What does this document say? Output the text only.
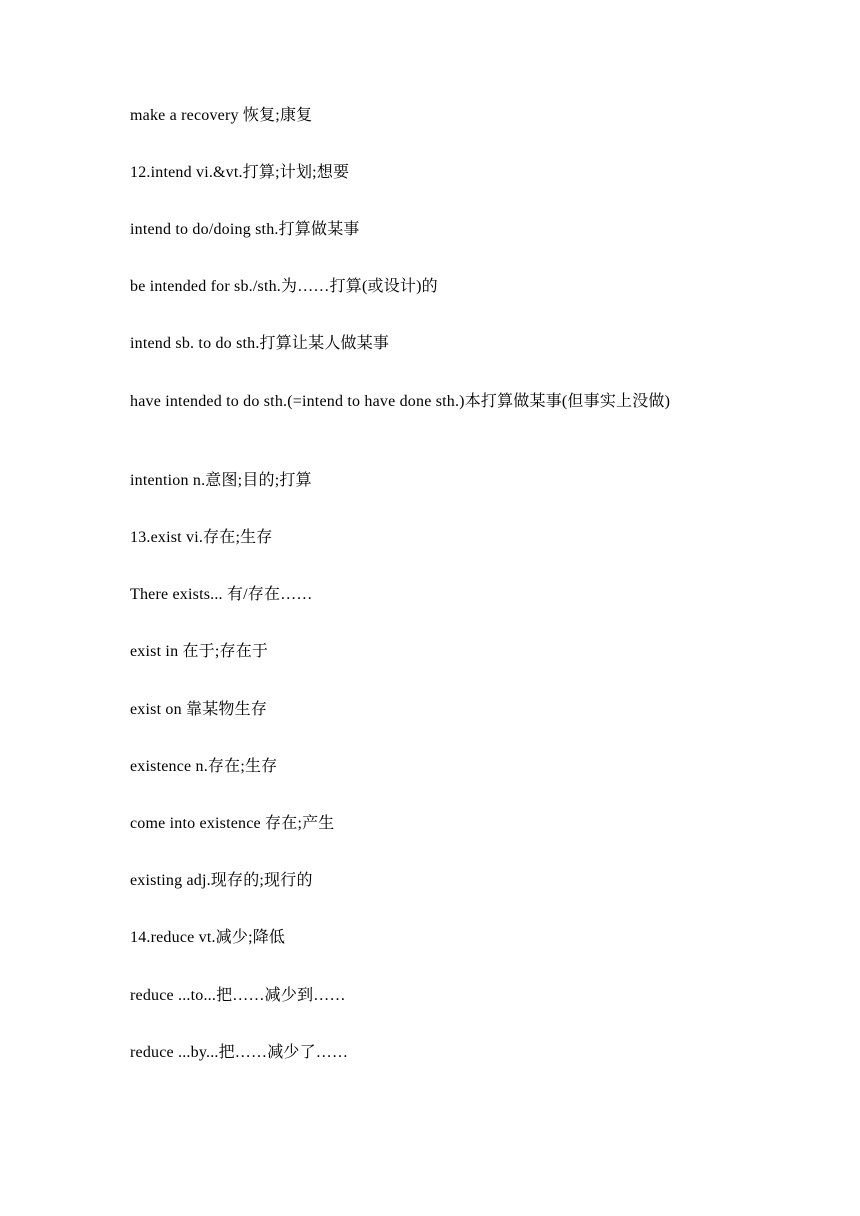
make a recovery 恢复;康复

12.intend vi.&vt.打算;计划;想要

intend to do/doing sth.打算做某事

be intended for sb./sth.为……打算(或设计)的

intend sb. to do sth.打算让某人做某事

have intended to do sth.(=intend to have done sth.)本打算做某事(但事实上没做)

intention n.意图;目的;打算

13.exist vi.存在;生存

There exists... 有/存在……

exist in 在于;存在于

exist on 靠某物生存

existence n.存在;生存

come into existence 存在;产生

existing adj.现存的;现行的

14.reduce vt.减少;降低

reduce ...to...把……减少到……

reduce ...by...把……减少了……
